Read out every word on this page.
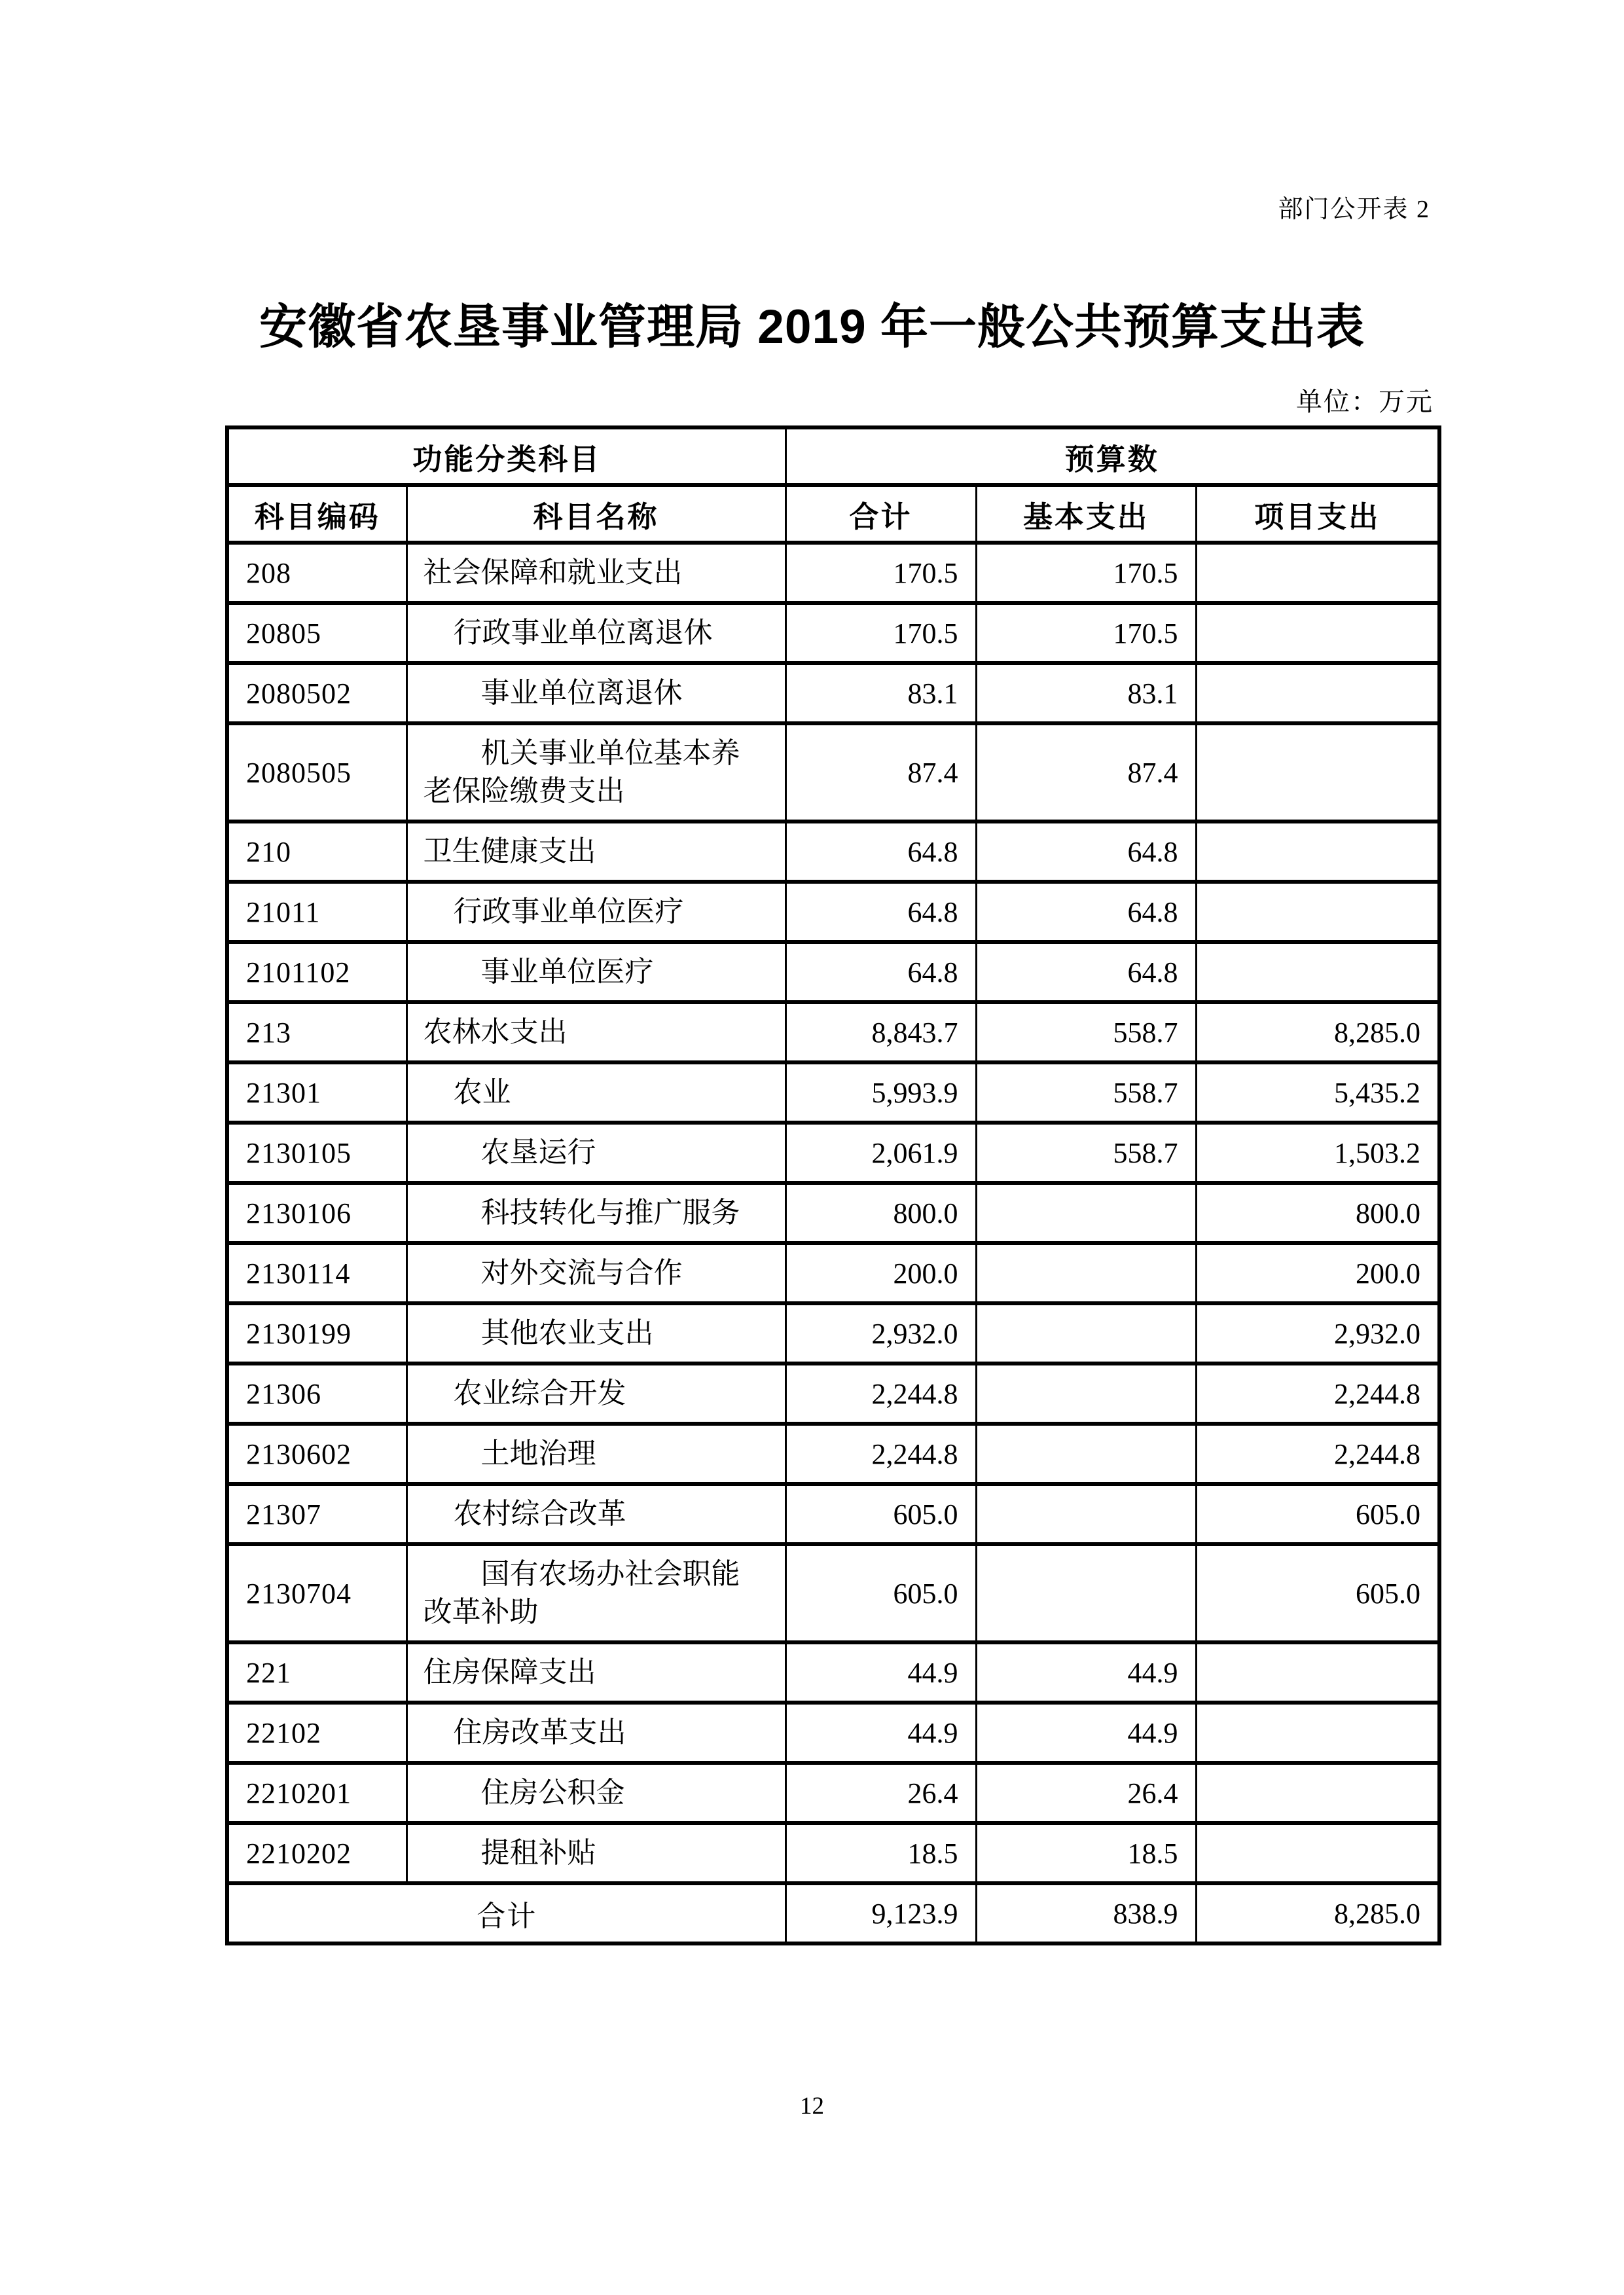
部门公开表 2
安徽省农垦事业管理局 2019 年一般公共预算支出表
单位：万元
功能分类科目		预算数		
科目编码	科目名称	合计	基本支出	项目支出
208	社会保障和就业支出	170.5	170.5	
20805	行政事业单位离退休	170.5	170.5	
2080502	事业单位离退休	83.1	83.1	
2080505	机关事业单位基本养老保险缴费支出	87.4	87.4	
210	卫生健康支出	64.8	64.8	
21011	行政事业单位医疗	64.8	64.8	
2101102	事业单位医疗	64.8	64.8	
213	农林水支出	8,843.7	558.7	8,285.0
21301	农业	5,993.9	558.7	5,435.2
2130105	农垦运行	2,061.9	558.7	1,503.2
2130106	科技转化与推广服务	800.0		800.0
2130114	对外交流与合作	200.0		200.0
2130199	其他农业支出	2,932.0		2,932.0
21306	农业综合开发	2,244.8		2,244.8
2130602	土地治理	2,244.8		2,244.8
21307	农村综合改革	605.0		605.0
2130704	国有农场办社会职能改革补助	605.0		605.0
221	住房保障支出	44.9	44.9	
22102	住房改革支出	44.9	44.9	
2210201	住房公积金	26.4	26.4	
2210202	提租补贴	18.5	18.5	
合计		9,123.9	838.9	8,285.0
12
